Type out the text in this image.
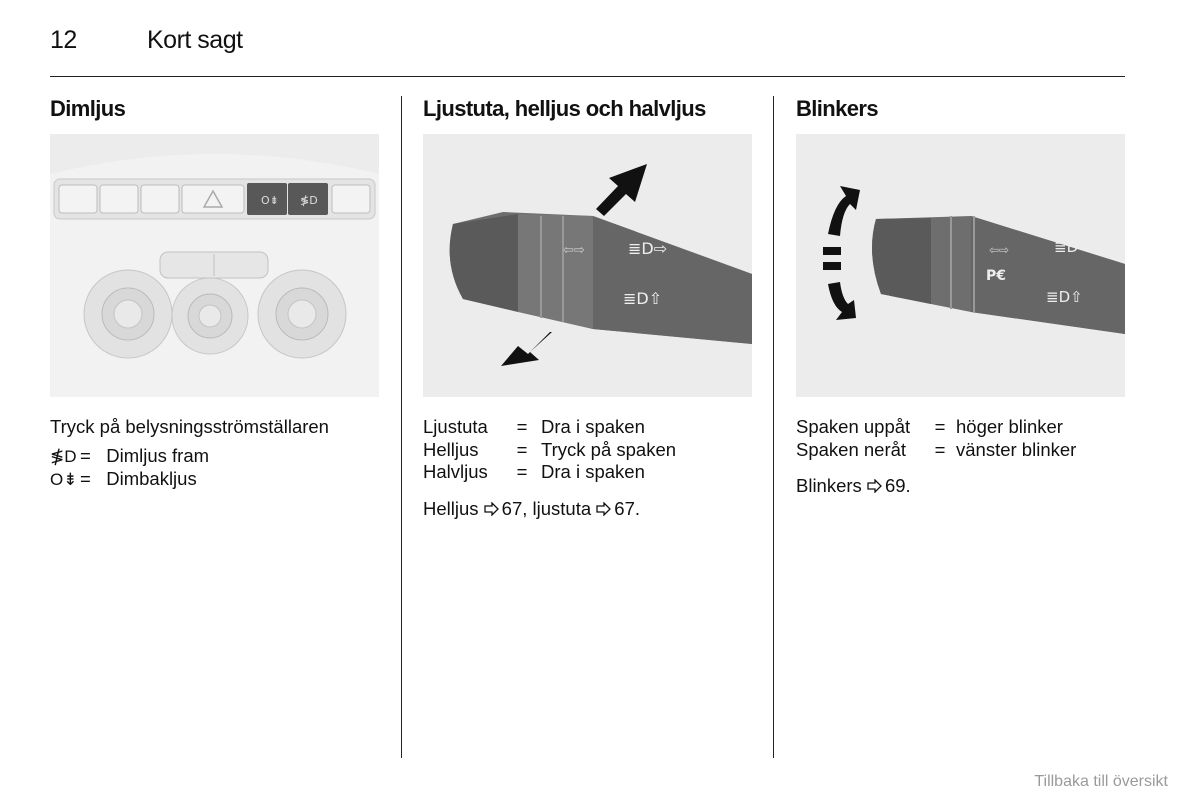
12	Kort sagt
Dimljus
O⇟ ≸D
Tryck på belysningsströmställaren
≸D = Dimljus fram
O⇟ = Dimbakljus
Ljustuta, helljus och halvljus
≣D⇨
≣D⇧
⇦⇨
Ljustuta	= Dra i spaken
Helljus	= Tryck på spaken
Halvljus	= Dra i spaken
Helljus 67, ljustuta 67.
Blinkers
≣D⇨
≣D⇧
P€
⇦⇨
Spaken uppåt	= höger blinker
Spaken neråt	= vänster blinker
Blinkers 69.
Tillbaka till översikt
